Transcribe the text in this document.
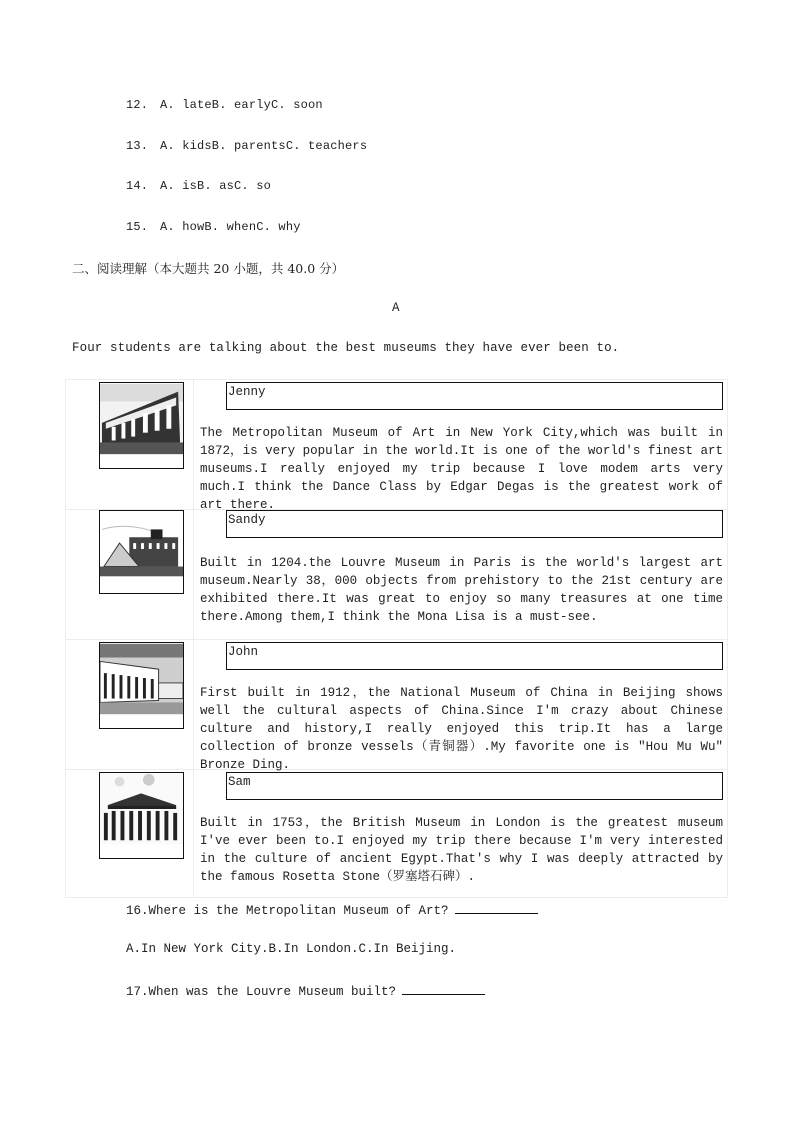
12. A. lateB. earlyC. soon
13. A. kidsB. parentsC. teachers
14. A. isB. asC. so
15. A. howB. whenC. why
二、阅读理解（本大题共 20 小题，共 40.0 分）
A
Four students are talking about the best museums they have ever been to.
Jenny
The Metropolitan Museum of Art in New York City,which was built in 1872，is very popular in the world.It is one of the world's finest art museums.I really enjoyed my trip because I love modem arts very much.I think the Dance Class by Edgar Degas is the greatest work of art there.
Sandy
Built in 1204.the Louvre Museum in Paris is the world's largest art museum.Nearly 38，000 objects from prehistory to the 21st century are exhibited there.It was great to enjoy so many treasures at one time there.Among them,I think the Mona Lisa is a must-see.
John
First built in 1912，the National Museum of China in Beijing shows well the cultural aspects of China.Since I'm crazy about Chinese culture and history,I really enjoyed this trip.It has a large collection of bronze vessels（青铜器）.My favorite one is "Hou Mu Wu" Bronze Ding.
Sam
Built in 1753，the British Museum in London is the greatest museum I've ever been to.I enjoyed my trip there because I'm very interested in the culture of ancient Egypt.That's why I was deeply attracted by the famous Rosetta Stone（罗塞塔石碑）.
16.Where is the Metropolitan Museum of Art?
A.In New York City.B.In London.C.In Beijing.
17.When was the Louvre Museum built?
